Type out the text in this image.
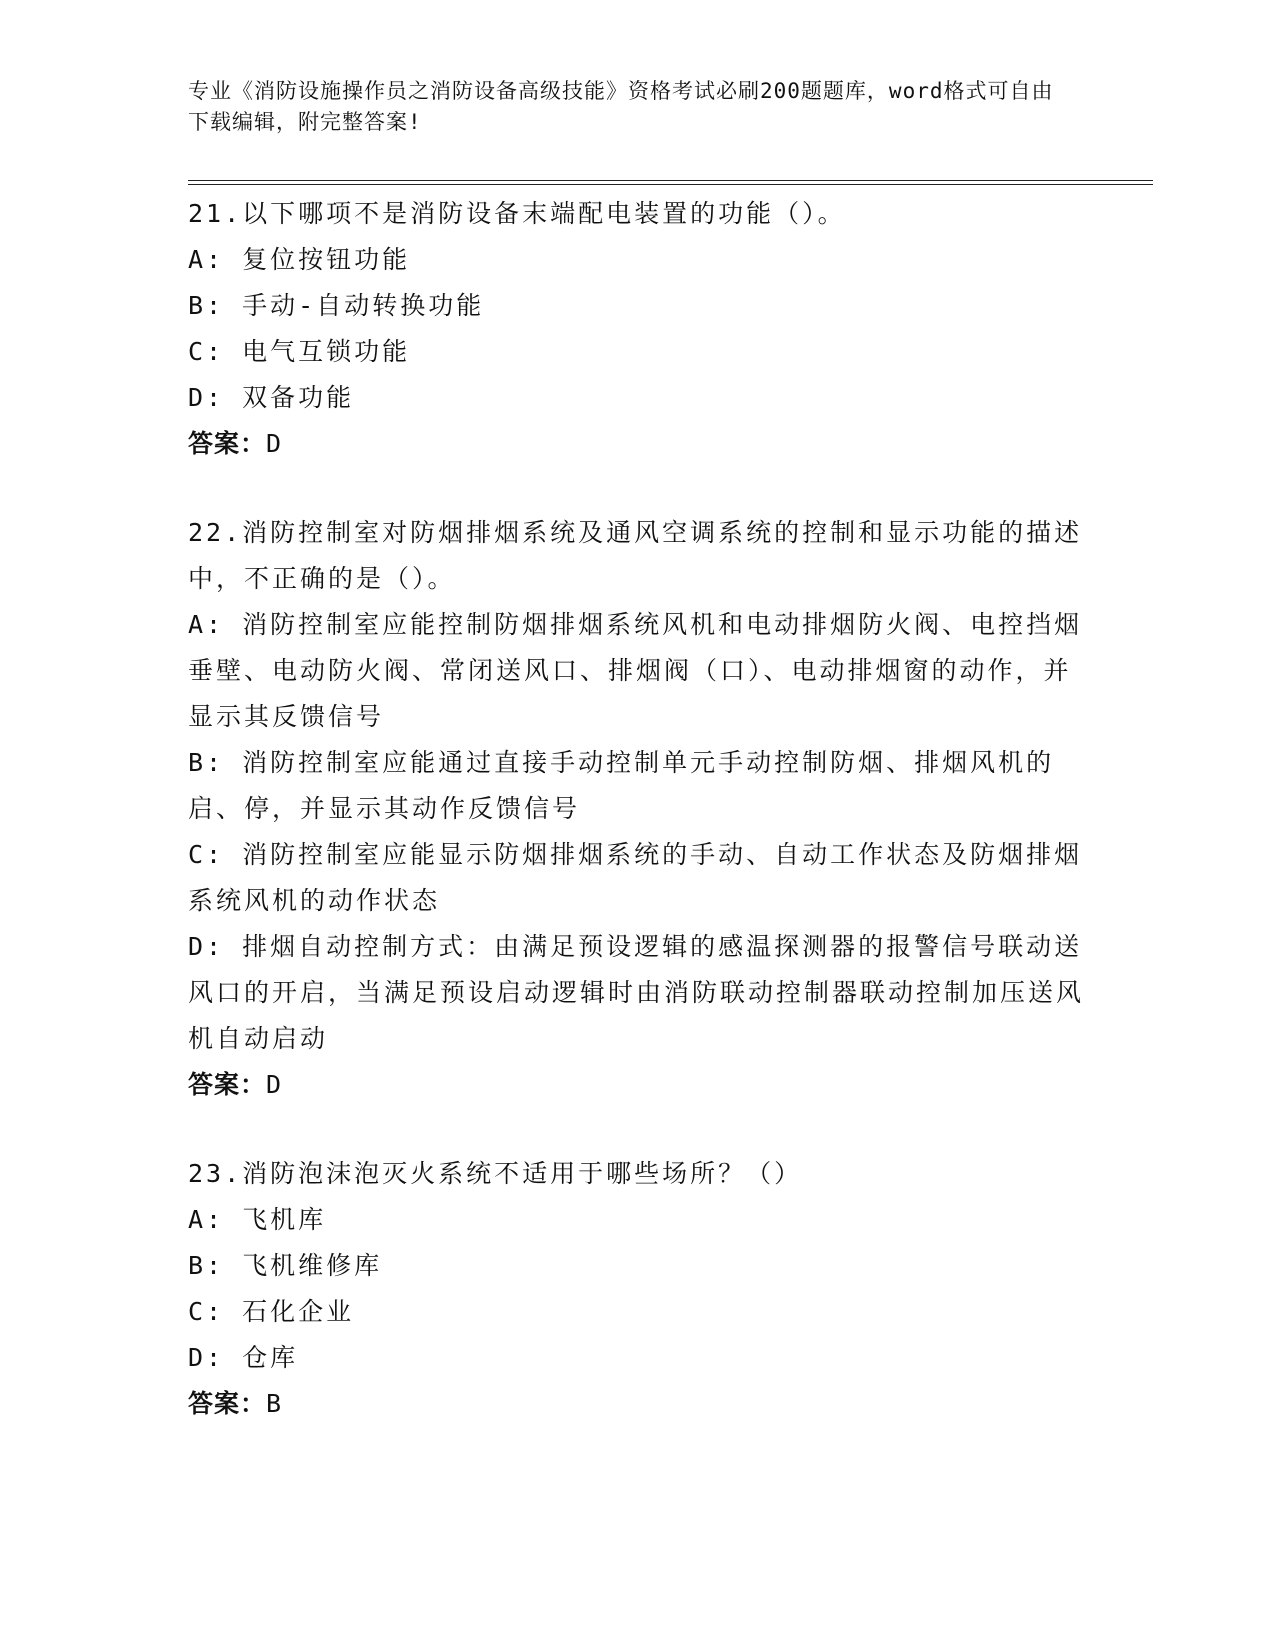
专业《消防设施操作员之消防设备高级技能》资格考试必刷200题题库，word格式可自由下载编辑，附完整答案!
21.以下哪项不是消防设备末端配电装置的功能（）。
A: 复位按钮功能
B: 手动-自动转换功能
C: 电气互锁功能
D: 双备功能
答案：D
22.消防控制室对防烟排烟系统及通风空调系统的控制和显示功能的描述中，不正确的是（）。
A: 消防控制室应能控制防烟排烟系统风机和电动排烟防火阀、电控挡烟垂壁、电动防火阀、常闭送风口、排烟阀（口）、电动排烟窗的动作，并显示其反馈信号
B: 消防控制室应能通过直接手动控制单元手动控制防烟、排烟风机的启、停，并显示其动作反馈信号
C: 消防控制室应能显示防烟排烟系统的手动、自动工作状态及防烟排烟系统风机的动作状态
D: 排烟自动控制方式：由满足预设逻辑的感温探测器的报警信号联动送风口的开启，当满足预设启动逻辑时由消防联动控制器联动控制加压送风机自动启动
答案：D
23.消防泡沫泡灭火系统不适用于哪些场所？（）
A: 飞机库
B: 飞机维修库
C: 石化企业
D: 仓库
答案：B
